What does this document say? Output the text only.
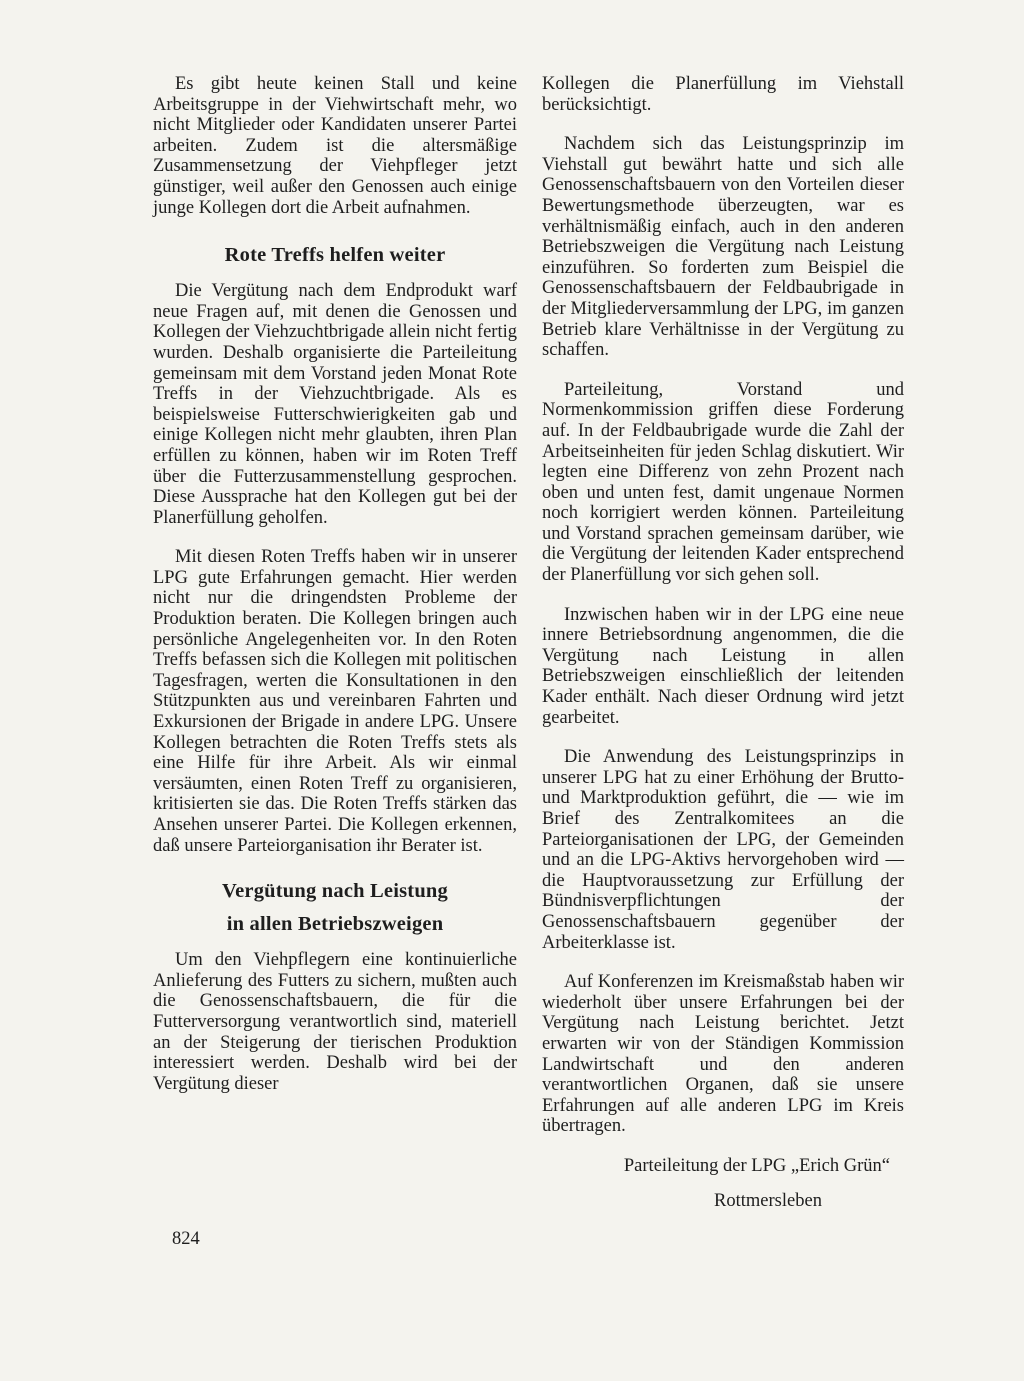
Es gibt heute keinen Stall und keine Arbeitsgruppe in der Viehwirtschaft mehr, wo nicht Mitglieder oder Kandidaten unserer Partei arbeiten. Zudem ist die altersmäßige Zusammensetzung der Viehpfleger jetzt günstiger, weil außer den Genossen auch einige junge Kollegen dort die Arbeit aufnahmen.

Rote Treffs helfen weiter

Die Vergütung nach dem Endprodukt warf neue Fragen auf, mit denen die Genossen und Kollegen der Viehzuchtbrigade allein nicht fertig wurden. Deshalb organisierte die Parteileitung gemeinsam mit dem Vorstand jeden Monat Rote Treffs in der Viehzuchtbrigade. Als es beispielsweise Futterschwierigkeiten gab und einige Kollegen nicht mehr glaubten, ihren Plan erfüllen zu können, haben wir im Roten Treff über die Futterzusammenstellung gesprochen. Diese Aussprache hat den Kollegen gut bei der Planerfüllung geholfen.

Mit diesen Roten Treffs haben wir in unserer LPG gute Erfahrungen gemacht. Hier werden nicht nur die dringendsten Probleme der Produktion beraten. Die Kollegen bringen auch persönliche Angelegenheiten vor. In den Roten Treffs befassen sich die Kollegen mit politischen Tagesfragen, werten die Konsultationen in den Stützpunkten aus und vereinbaren Fahrten und Exkursionen der Brigade in andere LPG. Unsere Kollegen betrachten die Roten Treffs stets als eine Hilfe für ihre Arbeit. Als wir einmal versäumten, einen Roten Treff zu organisieren, kritisierten sie das. Die Roten Treffs stärken das Ansehen unserer Partei. Die Kollegen erkennen, daß unsere Parteiorganisation ihr Berater ist.

Vergütung nach Leistung
in allen Betriebszweigen

Um den Viehpflegern eine kontinuierliche Anlieferung des Futters zu sichern, mußten auch die Genossenschaftsbauern, die für die Futterversorgung verantwortlich sind, materiell an der Steigerung der tierischen Produktion interessiert werden. Deshalb wird bei der Vergütung dieser

Kollegen die Planerfüllung im Viehstall berücksichtigt.

Nachdem sich das Leistungsprinzip im Viehstall gut bewährt hatte und sich alle Genossenschaftsbauern von den Vorteilen dieser Bewertungsmethode überzeugten, war es verhältnismäßig einfach, auch in den anderen Betriebszweigen die Vergütung nach Leistung einzuführen. So forderten zum Beispiel die Genossenschaftsbauern der Feldbaubrigade in der Mitgliederversammlung der LPG, im ganzen Betrieb klare Verhältnisse in der Vergütung zu schaffen.

Parteileitung, Vorstand und Normenkommission griffen diese Forderung auf. In der Feldbaubrigade wurde die Zahl der Arbeitseinheiten für jeden Schlag diskutiert. Wir legten eine Differenz von zehn Prozent nach oben und unten fest, damit ungenaue Normen noch korrigiert werden können. Parteileitung und Vorstand sprachen gemeinsam darüber, wie die Vergütung der leitenden Kader entsprechend der Planerfüllung vor sich gehen soll.

Inzwischen haben wir in der LPG eine neue innere Betriebsordnung angenommen, die die Vergütung nach Leistung in allen Betriebszweigen einschließlich der leitenden Kader enthält. Nach dieser Ordnung wird jetzt gearbeitet.

Die Anwendung des Leistungsprinzips in unserer LPG hat zu einer Erhöhung der Brutto- und Marktproduktion geführt, die — wie im Brief des Zentralkomitees an die Parteiorganisationen der LPG, der Gemeinden und an die LPG-Aktivs hervorgehoben wird — die Hauptvoraussetzung zur Erfüllung der Bündnisverpflichtungen der Genossenschaftsbauern gegenüber der Arbeiterklasse ist.

Auf Konferenzen im Kreismaßstab haben wir wiederholt über unsere Erfahrungen bei der Vergütung nach Leistung berichtet. Jetzt erwarten wir von der Ständigen Kommission Landwirtschaft und den anderen verantwortlichen Organen, daß sie unsere Erfahrungen auf alle anderen LPG im Kreis übertragen.

Parteileitung der LPG „Erich Grün“
Rottmersleben
824
